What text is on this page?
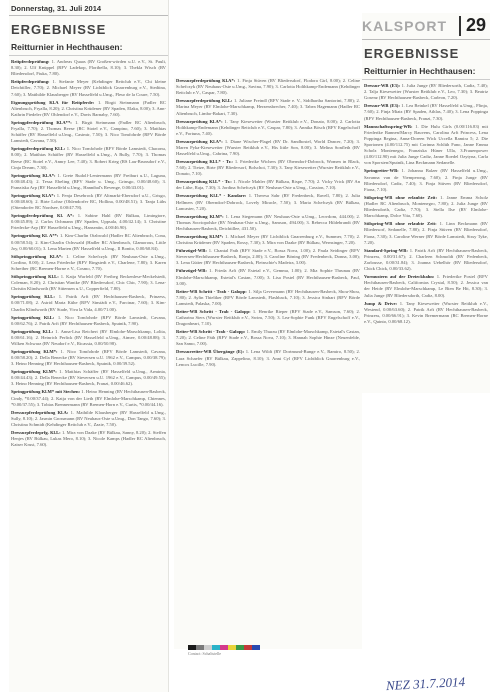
Donnerstag, 31. Juli 2014
ERGEBNISSE
Reitturnier in Hechthausen:
Reitpferdeprüfung: 1. Andreas Quaas (RV Großen-wörden u.U. e.V., St. Pauli, 8.30); 2. Ulf Knüppel (RFV Ladekop, Floribella, 8.10); 3. Thekla Wisch (RV Bliedersdorf, Fiuka, 7.80).
Reitpferdeprüfung: 1. Stefanie Meyer (Kehdinger Reitclub e.V., Chi kleine Deichtiller, 7.70); 2. Michael Meyer (RV Lichtblick Gnarrenburg e.V., Stedtina, 7.60); 3. Matthilde Klausberger (RV Hasselfeld u.Umg., Fleur de la Coure, 7.50).
Eignungsprüfung Kl.A für Reitpferde: 1. Birgit Steinmann (Fadler RC Altenbruch, Fryalla, 8.20); 2. Christina Krüdener (RV Spaden, Elaka, 8.00); 3. Ann-Kathrin Fiedeler (RV Ohlendorf e.V., Davis Barnaby, 7.60).
Springpferdeprüfung Kl.A**: 1. Birgit Steinmann (Fadler RC Altenbruch, Fryalla, 7.70); 2. Thomas Reese (RC Stotel e.V., Campino, 7.60); 3. Matthias Schäffer (RV Hasselfeld u.Umg., Casimir, 7.50); 3. Nico Tomfohrde (RFV Börde Lamstedt, Cavana, 7.50).
Springpferdeprüfung Kl.L: 1. Nico Tomfohrde (RFV Börde Lamstedt, Chaconu, 8.00); 2. Matthias Schäffer (RV Hasselfeld u.Umg., A Bully, 7.70); 3. Thomas Reese (RC Stotel e.V., Annry Lee, 7.40); 3. Robert Krieg (RS Lau-Brunsdorf e.V., Cinja Dream, 7.30).
Springprüfung Kl.A*: 1. Grete Rudolf-Lentermann (RV Freiburt u.U., Laguna, 0.00/48.43); 2. Tessa Ebeling (RFV Stade u. Umg., Grinsgo, 0.00/48.60); 3. Franziska Arp (RV Hasselfeld u.Umg., Hannibal's Revenge, 0.00/43.01).
Springprüfung Kl.A*: 1. Fenja Desebrock (RV Altmarkt-Ebersdorf u.U., Grisgo, 0.00/48.60); 2. Birte Lohse (Ohlendorfer RC, Hollina, 0.00/48.51); 3. Tanja Lühs (Ottendorfer RC Nordsee, 0.00/47.78).
Springpferdeprüfung Kl. A*: 1. Sabine Hahl (RV Bülkau, Limingtore, 0.00/45.89); 2. Carlos Ochmann (RV Spaden, Uppsala, 4.00/42.14); 3. Christine Friedecke-Arp (RV Hasselfeld u.Umg., Hanseatin, 4.00/46.90).
Springprüfung Kl. A**: 1. Kim-Charlin Otzbwald (Hadler RC Altenbruch, Cona, 0.00/58.54); 2. Kim-Charlin Ochswald (Hadler RC Altenbruch, Glamorous, Little Joy, 0.00/60.01); 3. Lena Marten (RV Hasselfeld u.Umg., Il Bonito, 0.00/60.84).
Stilspringprüfung Kl.A*: 1. Celine Schefczyk (RV Neuhaus-Oste u.Umg., Cordino, 8.00); 2. Lena Friedecke (RFV Ringstedt e.V., Charlene, 7.80); 3. Karen Schreiber (RC Bremen-Horne e.V., Cosmo, 7.70).
Stilspringprüfung Kl.L: 1. Katja Warfeld (RV Freibeg Beckenlese-Meckelstedt, Coleman, 8.20); 2. Christian Wantke (RV Bliedersdorf, Chic Chic, 7.90); 3. Lena-Christin Klindworth (RV Sittensen u.U., Copperfield, 7.80).
Springprüfung Kl.L: 1. Patrik Arft (RV Hechthausen-Basbeck, Prinzess, 0.00/71.08); 2. Astrid Maria Kühe (RFV Sinstädt e.V., Farcinar, 7.60); 3. Kim-Charlin Klindworth (RV Stade, Viva la Vida, 4.00/71.00).
Springprüfung Kl.L: 1. Nico Tomfohrde (RFV Börde Lamstedt, Cavana, 0.00/62.76); 2. Patrik Arft (RV Hechthausen-Basbeck, Sputnik, 7.90).
Springprüfung Kl.L: 1. Anna-Lisa Reichert (RV Elmlohe-Marschkamp, Lolita, 0.00/61.16); 2. Heinrich Perlick (RV Hasselfeld u.Umg., Aimee, 0.00/48.88); 3. Wilken Schwarz (RV Neudorf e.V., Ricassia, 0.00/50.98).
Springprüfung Kl.M*: 1. Nico Tomfohrde (RFV Börde Lamstedt, Cavana, 0.00/58.20); 2. Della Benecke (RV Sieversen u.U. 1962 e.V., Campus, 0.00/38.79); 3. Heino Henning (RV Hechthausen-Basbeck, Sputnik, 0.00/39.52).
Springprüfung Kl.M*: 1. Matthias Schäffer (RV Hasselfeld u.Umg., Arminia, 0.00/44.43); 2. Della Benecke (RV Sieversen u.U. 1962 e.V., Campus, 0.00/49.55); 3. Heino Henning (RV Hechthausen-Basbeck, Franzi, 0.00/46.62).
Springprüfung Kl.M* mit Stechen: 1. Heino Henning (RV Hechthausen-Basbeck, Cindy, *0.00/37.44); 2. Katja von der Lieth (RV Elmlohe-Marschkamp, Chiennes, *0.00/37.55); 3. Tobias Brennermann (RV Bremen-Horn e.V., Curtis, *0.00/44.16).
Dressurpferdeprüfung Kl.A: 1. Mathilde Klausberger (RV Hasselfeld u.Umg., Sully, 8.10); 2. Jasmin Grossmann (RV Neuhaus-Oste u.Umg., Don Tango, 7.60); 3. Christina Schmidt (Kehdinger Reitclub e.V., Zazie, 7.50).
Dressurpferdeprfg. Kl.L: 1. Mira von Daake (RV Bülkau, Sanny, 8.20); 2. Steffen Henjes (RV Bülkau, Lukas Mero, 8.10); 3. Nicole Kamps (Hadler RC Altenbruch, Kaiser Krust, 7.60).
Dressurpferdeprüfung Kl.A*: 1. Finja Stüven (RV Bliedersdorf, Flodora Girl, 8.00); 2. Celine Schefczyk (RV Neuhaus-Oste u.Umg., Savina, 7.90); 3. Carlotta Holthkamp-Endemann (Kehdinger Reitclub e.V., Caspar, 7.80).
Dressurpferdeprüfung Kl.L: 1. Juliane Freindl (RFV Stade e. V., Siddhartha Santorini, 7.80); 2. Marina Meyer (RV Elmlohe-Marschkamp, Herzensbrecher, 7.40); 3. Tabea Hagemann (Hadler RC Altenbruch, Limbo-Bakari, 7.30).
Dressurprüfung Kl.A*: 1. Tany Kiesewetter (Wurster Reitklub e.V., Donato, 8.00); 2. Carlotta Holthkamp-Endemann (Kehdinger Reitclub e.V., Caspar, 7.80); 3. Annika Bösch (RFV Engelschoff e.V., Fortuna, 7.40).
Dressurprüfung Kl.A*: 1. Diane Wischer-Plagel (RV Dr. Sandbostel, World Dancer, 7.20); 3. Maren Pyka-Kiesewetter (Wurster Reitklub e.V., His little Son, 8.00); 3. Melina Sonfleth (RV Hasselfeld u.Umg., Cabrina, 7.90).
Dressurprüfung Kl.L* - Tr.: 1. Friederike Wichers (RV Oberndorf-Dobrock, Women in Black, 7.60); 2. Tietze, Birte (RV Bliedersorf, Bolschoi, 7.30); 3. Tany Kiesewetter (Wurster Reitklub e.V., Donato, 7.10).
Dressurprüfung Kl.L* - Tr.: 1. Nicole Mahler (RV Bülkau, Rispe, 7.70); 2. Vicky Vrick (RV An der Lühe, Raja, 7.30); 3. Jordina Schefczyk (RV Neuhaus-Oste u.Umg., Cassion, 7.10).
Dressurprüfung Kl.L* - Kandare: 1. Theresa Sahr (RV Fredenbeck, Ravell, 7.80); 2. Julia Hellmers (RV Oberndorf-Dobrock, Lovely Miracle, 7.50); 3. Maria Schefczyk (RV Bülkau, Lancaster, 7.20).
Dressurprüfung Kl.M*: 1. Lena Stegemann (RV Neuhaus-Oste u.Umg., Leovdom, 444.00); 2. Thomas Socriopolske (RV Neuhaus-Oste u.Umg., Samson, 494.00); 3. Rebecca Hildebrandt (RV Hechthausen-Basbeck, Deichtillee, 431.50).
Dressurprüfung Kl.M*: 1. Michael Meyer (RV Lichtblick Gnarrenburg e.V., Summer, 7.70); 2. Christina Krüdener (RV Spaden, Rossy, 7.30); 3. Mira von Daake (RV Bülkau, Wernsinger, 7.20).
Führzügel-WB: 1. Chantal Fath (RFV Stade e.V., Bossa Nova, 1.00); 2. Paula Seidinger (RFV Sieversen-Hechthausen-Basbeck, Ronja, 2.00); 3. Caroline Böning (RV Fredenbeck, Donna, 3.00); 3. Lena Gütter (RV Hechthausen-Basbeck, Fleinschie's Madeira, 3.00).
Führzügel-WB: 1. Frieda Arft (RV Estetal e.V., Gemma, 1.00); 2. Mia Sophie Thrunau (RV Elmlohe-Marschkamp, Estetal's Castan, 7.00); 3. Lisa Postel (RV Hechthausen-Basbeck, Paul, 3.00).
Reiter-WB Schritt - Trab - Galopp: 1. Silja Gevermann (RV Hechthausen-Basbeck, Shou-Shou, 7.80); 2. Aylin Thieliker (RFV Börde Lamstedt, Flashback, 7.10); 3. Jessica Sinhart (RFV Börde Lamstedt, Palaska, 7.00).
Reiter-WB Schritt - Trab - Galopp: 1. Henrike Rieper (RFV Stade e.V., Samson, 7.60); 2. Catharina Siers (Wurster Reitklub e.V., Swim, 7.50); 3. Lea-Sophie Funk (RFV Engelschoff e.V., Dragonheart, 7.10).
Reiter-WB Schritt - Trab - Galopp: 1. Emily Thurau (RV Elmlohe-Marschkamp, Estetal's Castan, 7.20); 2. Celine Fäth (RFV Stade e.V., Bossa Nova, 7.10); 3. Hannah Sophie Hinze (Neuenfelde, San Samo, 7.00).
Dressurreiter-WB Übergänge (E): 1. Lena Wildt (RV Dortmund-Bunge e.V., Ramiro, 8.50); 2. Lara Schaefer (RV Bülkau, Zappelino, 8.10); 3. Anni Cyl (RFV Lichtblick Gnarrenburg e.V., Lencos Lucille, 7.90).
KALSPORT	29
ERGEBNISSE
Reitturnier in Hechthausen:
Dressur-WB (E3): 1. Julia Junge (RV Bliedersorth, Cadiz, 7.40); 2. Talja Kiesewetter (Wurster Reitklub e.V., Leo, 7.30); 3. Beatriz Gosenz (RV Hechthausen-Basbeck, Carleon, 7.20).
Dressur-WB (E3): 1. Lea Beinkel (RV Hasselfeld u.Umg., Flinja, 7.60); 2. Finja Miatz (RV Spaden, Athlas, 7.40); 3. Lena Poppinga (RFV Hechthausen-Basbeck, Franzi, 7.30).
Mannschaftsspring-WB: 1. Die Hulu Girls (0.00/116.83) mit Friederike Bannen/Marcy Bauvens, Carolina Arft Princess, Lena Poppinga Regina, Anna-Doreen Wick Uccella Ramira 5; 2. Die Sportonen (4.00/112.75) mit Corinna Schlüh Fano, Janne Emma Scholz Montenegro, Franziska Hüner Ulla, 3.Frauenpower (4.00/112.90) mit Julia Junge Cadiz, Janne Roedel Ozytyna, Carla von Sporsten/Sputnik, Lina Beckmann Sedanelle.
Springreiter-WB: 1. Johanna Balzer (RV Hasselfeld u.Umg., Savanna van de Viemperong, 7.60); 2. Finja Junge (RV Bliedersdorf, Cadiz, 7.40); 3. Finja Stüven (RV Bliedersdorf, Fiona, 7.10).
Stilspring-WB ohne erlaubte Zeit: 1. Janne Emma Scholz (Hadler RC Altenbruch, Montenegro, 7.80); 2. Julia Junge (RV Bliedersdorth, Cadiz, 7.70); 3. Stella Ilse (RV Elmlohe-Marschkamp, Dolce Vita, 7.60).
Stilspring-WB ohne erlaubte Zeit: 1. Linn Beckmann (RV Bliedersorf, Sedanelle, 7.80); 2. Finja Stüven (RV Bliedersdorf, Fiona, 7.30); 3. Caroline Werner (RV Börde Lamstedt, Sissy Tyke, 7.20).
Standard-Spring-WB: 1. Patrik Arft (RV Hechthausen-Basbeck, Prinzess, 0.00/31.67); 2. Charleen Schmoldt (RV Fedenbeck, Zarlousse, 0.00/31.84); 3. Joanna Uebelhör (RV Bliedersdorf, Chick Chick, 0.00/33.62).
Vormustern auf der Dreieckbahn: 1. Friederike Postel (RFV Hechthausen-Basbeck, Californias Crystal, 8.50); 2. Jessica van der Heide (RV Elmlohe-Marschkamp, Le Bien Be Hit, 8.30); 3. Julia Junge (RV Bliedersdorth, Cadiz, 8.00).
Jump & Drive: 1. Tany Kiesewetter (Wurster Reitklub e.V., Westend, 0.00/63.60); 2. Patrik Arft (RV Hechthausen-Basbeck, Prinzess, 0.00/66.91); 3. Kevin Bremermann (RC Bremen-Horne e.V., Quinto, 0.00/68.12).
Contact: Schaltstelle
NEZ 31.7.2014
